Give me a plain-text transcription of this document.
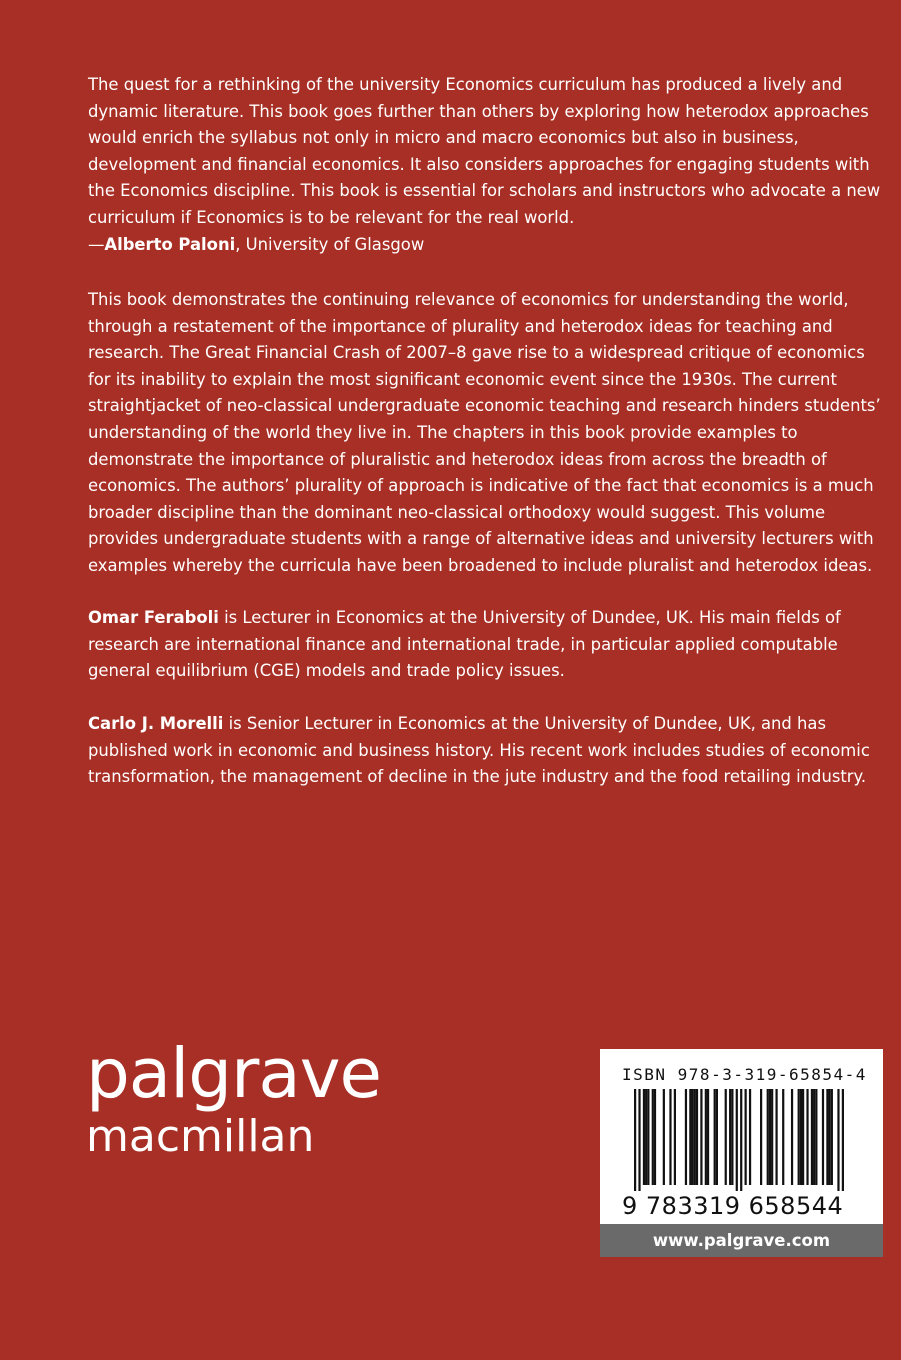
The quest for a rethinking of the university Economics curriculum has produced a lively and dynamic literature. This book goes further than others by exploring how heterodox approaches would enrich the syllabus not only in micro and macro economics but also in business, development and financial economics. It also considers approaches for engaging students with the Economics discipline. This book is essential for scholars and instructors who advocate a new curriculum if Economics is to be relevant for the real world.

—Alberto Paloni, University of Glasgow

This book demonstrates the continuing relevance of economics for understanding the world, through a restatement of the importance of plurality and heterodox ideas for teaching and research. The Great Financial Crash of 2007–8 gave rise to a widespread critique of economics for its inability to explain the most significant economic event since the 1930s. The current straightjacket of neo-classical undergraduate economic teaching and research hinders students’ understanding of the world they live in. The chapters in this book provide examples to demonstrate the importance of pluralistic and heterodox ideas from across the breadth of economics. The authors’ plurality of approach is indicative of the fact that economics is a much broader discipline than the dominant neo-classical orthodoxy would suggest. This volume provides undergraduate students with a range of alternative ideas and university lecturers with examples whereby the curricula have been broadened to include pluralist and heterodox ideas.

Omar Feraboli is Lecturer in Economics at the University of Dundee, UK. His main fields of research are international finance and international trade, in particular applied computable general equilibrium (CGE) models and trade policy issues.

Carlo J. Morelli is Senior Lecturer in Economics at the University of Dundee, UK, and has published work in economic and business history. His recent work includes studies of economic transformation, the management of decline in the jute industry and the food retailing industry.

palgrave
macmillan
ISBN 978-3-319-65854-4
9 783319 658544
www.palgrave.com
